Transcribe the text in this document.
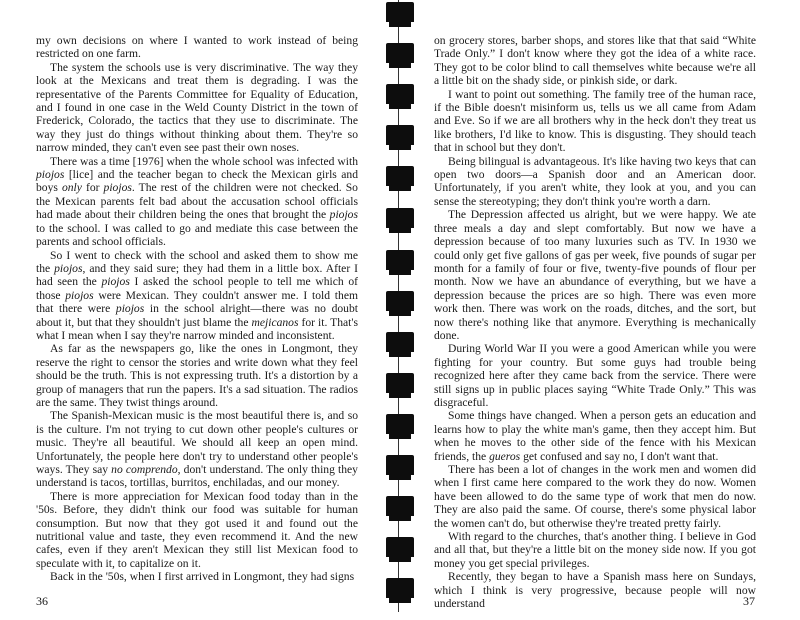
my own decisions on where I wanted to work instead of being restricted on one farm.

The system the schools use is very discriminative. The way they look at the Mexicans and treat them is degrading. I was the representative of the Parents Committee for Equality of Education, and I found in one case in the Weld County District in the town of Frederick, Colorado, the tactics that they use to discriminate. The way they just do things without thinking about them. They're so narrow minded, they can't even see past their own noses.

There was a time [1976] when the whole school was infected with piojos [lice] and the teacher began to check the Mexican girls and boys only for piojos. The rest of the children were not checked. So the Mexican parents felt bad about the accusation school officials had made about their children being the ones that brought the piojos to the school. I was called to go and mediate this case between the parents and school officials.

So I went to check with the school and asked them to show me the piojos, and they said sure; they had them in a little box. After I had seen the piojos I asked the school people to tell me which of those piojos were Mexican. They couldn't answer me. I told them that there were piojos in the school alright—there was no doubt about it, but that they shouldn't just blame the mejicanos for it. That's what I mean when I say they're narrow minded and inconsistent.

As far as the newspapers go, like the ones in Longmont, they reserve the right to censor the stories and write down what they feel should be the truth. This is not expressing truth. It's a distortion by a group of managers that run the papers. It's a sad situation. The radios are the same. They twist things around.

The Spanish-Mexican music is the most beautiful there is, and so is the culture. I'm not trying to cut down other people's cultures or music. They're all beautiful. We should all keep an open mind. Unfortunately, the people here don't try to understand other people's ways. They say no comprendo, don't understand. The only thing they understand is tacos, tortillas, burritos, enchiladas, and our money.

There is more appreciation for Mexican food today than in the '50s. Before, they didn't think our food was suitable for human consumption. But now that they got used it and found out the nutritional value and taste, they even recommend it. And the new cafes, even if they aren't Mexican they still list Mexican food to speculate with it, to capitalize on it.

Back in the '50s, when I first arrived in Longmont, they had signs

36

on grocery stores, barber shops, and stores like that that said “White Trade Only.” I don't know where they got the idea of a white race. They got to be color blind to call themselves white because we're all a little bit on the shady side, or pinkish side, or dark.

I want to point out something. The family tree of the human race, if the Bible doesn't misinform us, tells us we all came from Adam and Eve. So if we are all brothers why in the heck don't they treat us like brothers, I'd like to know. This is disgusting. They should teach that in school but they don't.

Being bilingual is advantageous. It's like having two keys that can open two doors—a Spanish door and an American door. Unfortunately, if you aren't white, they look at you, and you can sense the stereotyping; they don't think you're worth a darn.

The Depression affected us alright, but we were happy. We ate three meals a day and slept comfortably. But now we have a depression because of too many luxuries such as TV. In 1930 we could only get five gallons of gas per week, five pounds of sugar per month for a family of four or five, twenty-five pounds of flour per month. Now we have an abundance of everything, but we have a depression because the prices are so high. There was even more work then. There was work on the roads, ditches, and the sort, but now there's nothing like that anymore. Everything is mechanically done.

During World War II you were a good American while you were fighting for your country. But some guys had trouble being recognized here after they came back from the service. There were still signs up in public places saying “White Trade Only.” This was disgraceful.

Some things have changed. When a person gets an education and learns how to play the white man's game, then they accept him. But when he moves to the other side of the fence with his Mexican friends, the gueros get confused and say no, I don't want that.

There has been a lot of changes in the work men and women did when I first came here compared to the work they do now. Women have been allowed to do the same type of work that men do now. They are also paid the same. Of course, there's some physical labor the women can't do, but otherwise they're treated pretty fairly.

With regard to the churches, that's another thing. I believe in God and all that, but they're a little bit on the money side now. If you got money you get special privileges.

Recently, they began to have a Spanish mass here on Sundays, which I think is very progressive, because people will now understand	37
